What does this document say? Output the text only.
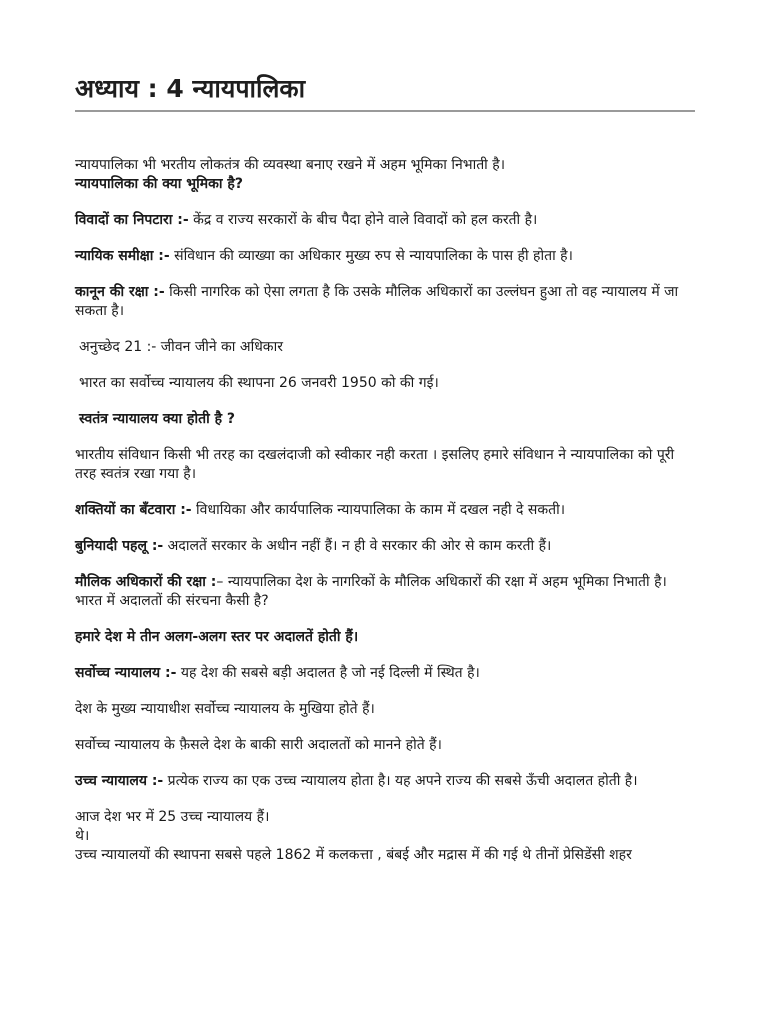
अध्याय : 4 न्यायपालिका

न्यायपालिका भी भरतीय लोकतंत्र की व्यवस्था बनाए रखने में अहम भूमिका निभाती है।

न्यायपालिका की क्या भूमिका है?

विवादों का निपटारा :- केंद्र व राज्य सरकारों के बीच पैदा होने वाले विवादों को हल करती है।

न्यायिक समीक्षा :- संविधान की व्याख्या का अधिकार मुख्य रुप से न्यायपालिका के पास ही होता है।

कानून की रक्षा :- किसी नागरिक को ऐसा लगता है कि उसके मौलिक अधिकारों का उल्लंघन हुआ तो वह न्यायालय में जा सकता है।

अनुच्छेद 21 :- जीवन जीने का अधिकार

भारत का सर्वोच्च न्यायालय की स्थापना 26 जनवरी 1950 को की गई।

स्वतंत्र न्यायालय क्या होती है ?

भारतीय संविधान किसी भी तरह का दखलंदाजी को स्वीकार नही करता । इसलिए हमारे संविधान ने न्यायपालिका को पूरी तरह स्वतंत्र रखा गया है।

शक्तियों का बँटवारा :- विधायिका और कार्यपालिक न्यायपालिका के काम में दखल नही दे सकती।

बुनियादी पहलू :- अदालतें सरकार के अधीन नहीं हैं। न ही वे सरकार की ओर से काम करती हैं।

मौलिक अधिकारों की रक्षा :– न्यायपालिका देश के नागरिकों के मौलिक अधिकारों की रक्षा में अहम भूमिका निभाती है।

भारत में अदालतों की संरचना कैसी है?

हमारे देश मे तीन अलग-अलग स्तर पर अदालतें होती हैं।

सर्वोच्च न्यायालय :- यह देश की सबसे बड़ी अदालत है जो नई दिल्ली में स्थित है।

देश के मुख्य न्यायाधीश सर्वोच्च न्यायालय के मुखिया होते हैं।

सर्वोच्च न्यायालय के फ़ैसले देश के बाकी सारी अदालतों को मानने होते हैं।

उच्च न्यायालय :- प्रत्येक राज्य का एक उच्च न्यायालय होता है। यह अपने राज्य की सबसे ऊँची अदालत होती है।

आज देश भर में 25 उच्च न्यायालय हैं।

थे।

उच्च न्यायालयों की स्थापना सबसे पहले 1862 में कलकत्ता , बंबई और मद्रास में की गई थे तीनों प्रेसिडेंसी शहर
